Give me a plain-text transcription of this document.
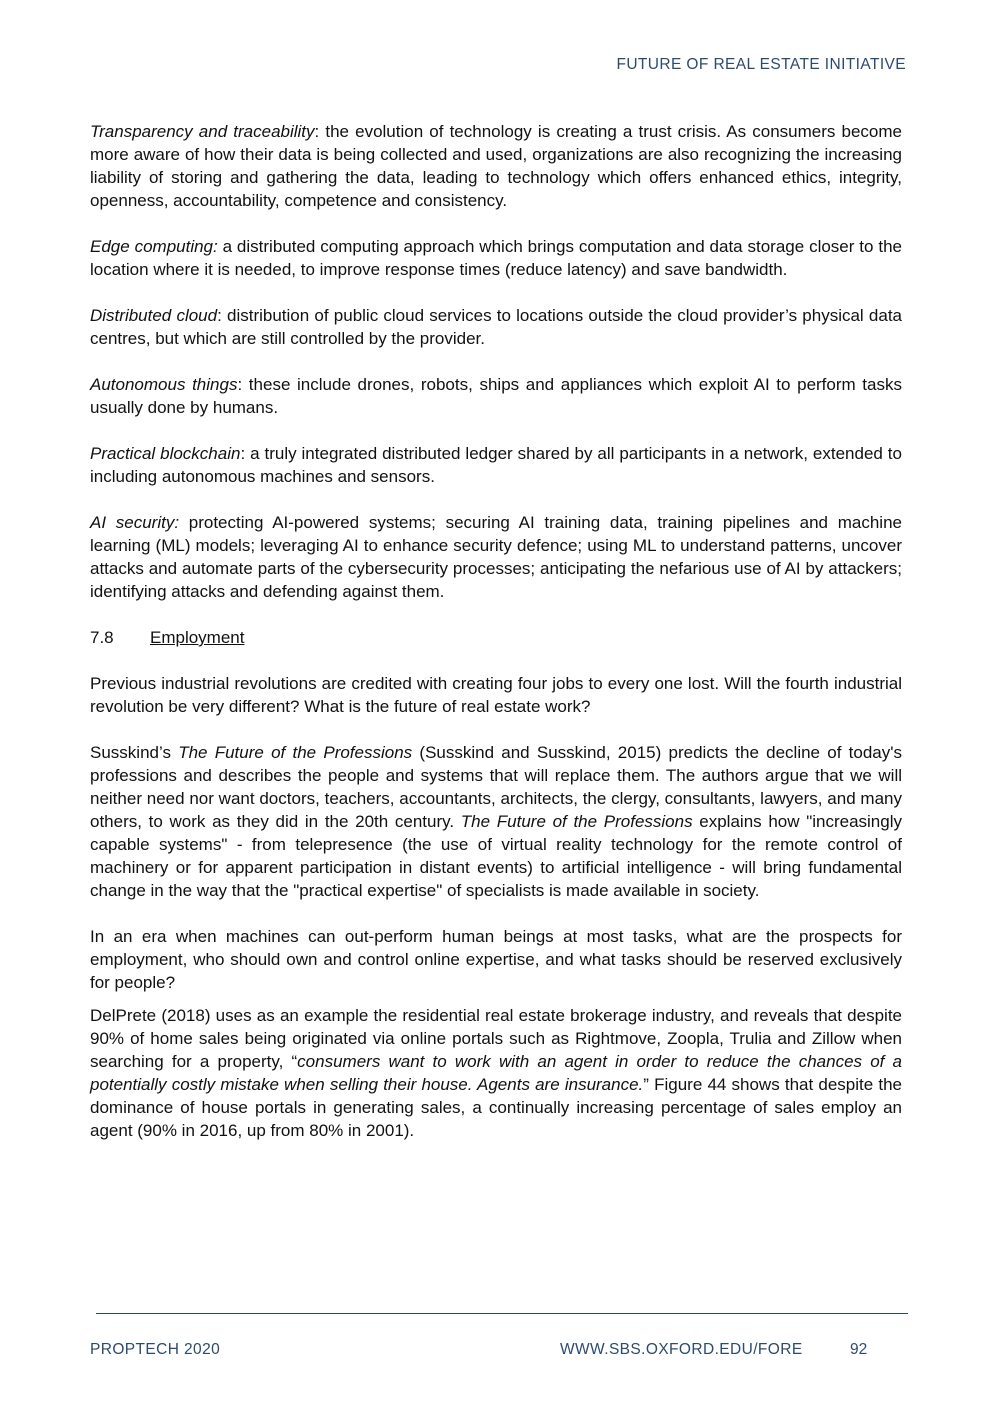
FUTURE OF REAL ESTATE INITIATIVE

Transparency and traceability: the evolution of technology is creating a trust crisis. As consumers become more aware of how their data is being collected and used, organizations are also recognizing the increasing liability of storing and gathering the data, leading to technology which offers enhanced ethics, integrity, openness, accountability, competence and consistency.

Edge computing: a distributed computing approach which brings computation and data storage closer to the location where it is needed, to improve response times (reduce latency) and save bandwidth.

Distributed cloud: distribution of public cloud services to locations outside the cloud provider’s physical data centres, but which are still controlled by the provider.

Autonomous things: these include drones, robots, ships and appliances which exploit AI to perform tasks usually done by humans.

Practical blockchain: a truly integrated distributed ledger shared by all participants in a network, extended to including autonomous machines and sensors.

AI security: protecting AI-powered systems; securing AI training data, training pipelines and machine learning (ML) models; leveraging AI to enhance security defence; using ML to understand patterns, uncover attacks and automate parts of the cybersecurity processes; anticipating the nefarious use of AI by attackers; identifying attacks and defending against them.

7.8	Employment

Previous industrial revolutions are credited with creating four jobs to every one lost. Will the fourth industrial revolution be very different? What is the future of real estate work?

Susskind’s The Future of the Professions (Susskind and Susskind, 2015) predicts the decline of today's professions and describes the people and systems that will replace them. The authors argue that we will neither need nor want doctors, teachers, accountants, architects, the clergy, consultants, lawyers, and many others, to work as they did in the 20th century. The Future of the Professions explains how "increasingly capable systems" - from telepresence (the use of virtual reality technology for the remote control of machinery or for apparent participation in distant events) to artificial intelligence - will bring fundamental change in the way that the "practical expertise" of specialists is made available in society.

In an era when machines can out-perform human beings at most tasks, what are the prospects for employment, who should own and control online expertise, and what tasks should be reserved exclusively for people?

DelPrete (2018) uses as an example the residential real estate brokerage industry, and reveals that despite 90% of home sales being originated via online portals such as Rightmove, Zoopla, Trulia and Zillow when searching for a property, “consumers want to work with an agent in order to reduce the chances of a potentially costly mistake when selling their house. Agents are insurance.” Figure 44 shows that despite the dominance of house portals in generating sales, a continually increasing percentage of sales employ an agent (90% in 2016, up from 80% in 2001).

PROPTECH 2020	WWW.SBS.OXFORD.EDU/FORE	92
